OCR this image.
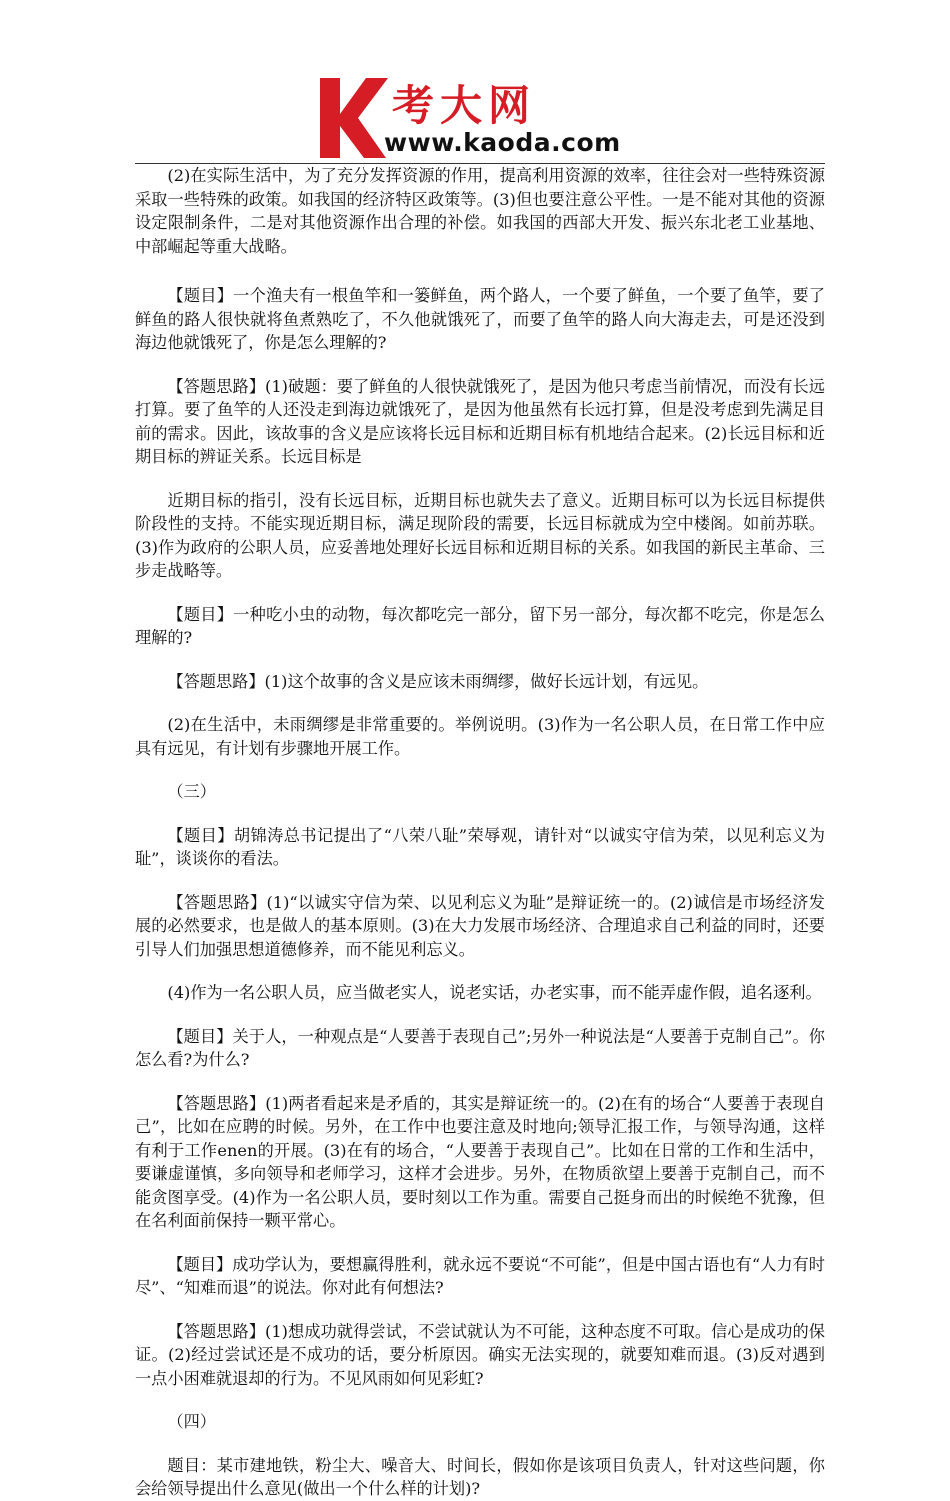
考大网
www.kaoda.com

(2)在实际生活中，为了充分发挥资源的作用，提高利用资源的效率，往往会对一些特殊资源采取一些特殊的政策。如我国的经济特区政策等。(3)但也要注意公平性。一是不能对其他的资源设定限制条件，二是对其他资源作出合理的补偿。如我国的西部大开发、振兴东北老工业基地、中部崛起等重大战略。

【题目】一个渔夫有一根鱼竿和一篓鲜鱼，两个路人，一个要了鲜鱼，一个要了鱼竿，要了鲜鱼的路人很快就将鱼煮熟吃了，不久他就饿死了，而要了鱼竿的路人向大海走去，可是还没到海边他就饿死了，你是怎么理解的?

【答题思路】(1)破题：要了鲜鱼的人很快就饿死了，是因为他只考虑当前情况，而没有长远打算。要了鱼竿的人还没走到海边就饿死了，是因为他虽然有长远打算，但是没考虑到先满足目前的需求。因此，该故事的含义是应该将长远目标和近期目标有机地结合起来。(2)长远目标和近期目标的辨证关系。长远目标是

近期目标的指引，没有长远目标，近期目标也就失去了意义。近期目标可以为长远目标提供阶段性的支持。不能实现近期目标，满足现阶段的需要，长远目标就成为空中楼阁。如前苏联。(3)作为政府的公职人员，应妥善地处理好长远目标和近期目标的关系。如我国的新民主革命、三步走战略等。

【题目】一种吃小虫的动物，每次都吃完一部分，留下另一部分，每次都不吃完，你是怎么理解的?

【答题思路】(1)这个故事的含义是应该未雨绸缪，做好长远计划，有远见。

(2)在生活中，未雨绸缪是非常重要的。举例说明。(3)作为一名公职人员，在日常工作中应具有远见，有计划有步骤地开展工作。

（三）

【题目】胡锦涛总书记提出了“八荣八耻”荣辱观，请针对“以诚实守信为荣，以见利忘义为耻”，谈谈你的看法。

【答题思路】(1)“以诚实守信为荣、以见利忘义为耻”是辩证统一的。(2)诚信是市场经济发展的必然要求，也是做人的基本原则。(3)在大力发展市场经济、合理追求自己利益的同时，还要引导人们加强思想道德修养，而不能见利忘义。

(4)作为一名公职人员，应当做老实人，说老实话，办老实事，而不能弄虚作假，追名逐利。

【题目】关于人，一种观点是“人要善于表现自己”;另外一种说法是“人要善于克制自己”。你怎么看?为什么?

【答题思路】(1)两者看起来是矛盾的，其实是辩证统一的。(2)在有的场合“人要善于表现自己”，比如在应聘的时候。另外，在工作中也要注意及时地向;领导汇报工作，与领导沟通，这样有利于工作enen的开展。(3)在有的场合，“人要善于表现自己”。比如在日常的工作和生活中，要谦虚谨慎，多向领导和老师学习，这样才会进步。另外，在物质欲望上要善于克制自己，而不能贪图享受。(4)作为一名公职人员，要时刻以工作为重。需要自己挺身而出的时候绝不犹豫，但在名利面前保持一颗平常心。

【题目】成功学认为，要想赢得胜利，就永远不要说“不可能”，但是中国古语也有“人力有时尽”、“知难而退”的说法。你对此有何想法?

【答题思路】(1)想成功就得尝试，不尝试就认为不可能，这种态度不可取。信心是成功的保证。(2)经过尝试还是不成功的话，要分析原因。确实无法实现的，就要知难而退。(3)反对遇到一点小困难就退却的行为。不见风雨如何见彩虹?

（四）

题目：某市建地铁，粉尘大、噪音大、时间长，假如你是该项目负责人，针对这些问题，你会给领导提出什么意见(做出一个什么样的计划)?
